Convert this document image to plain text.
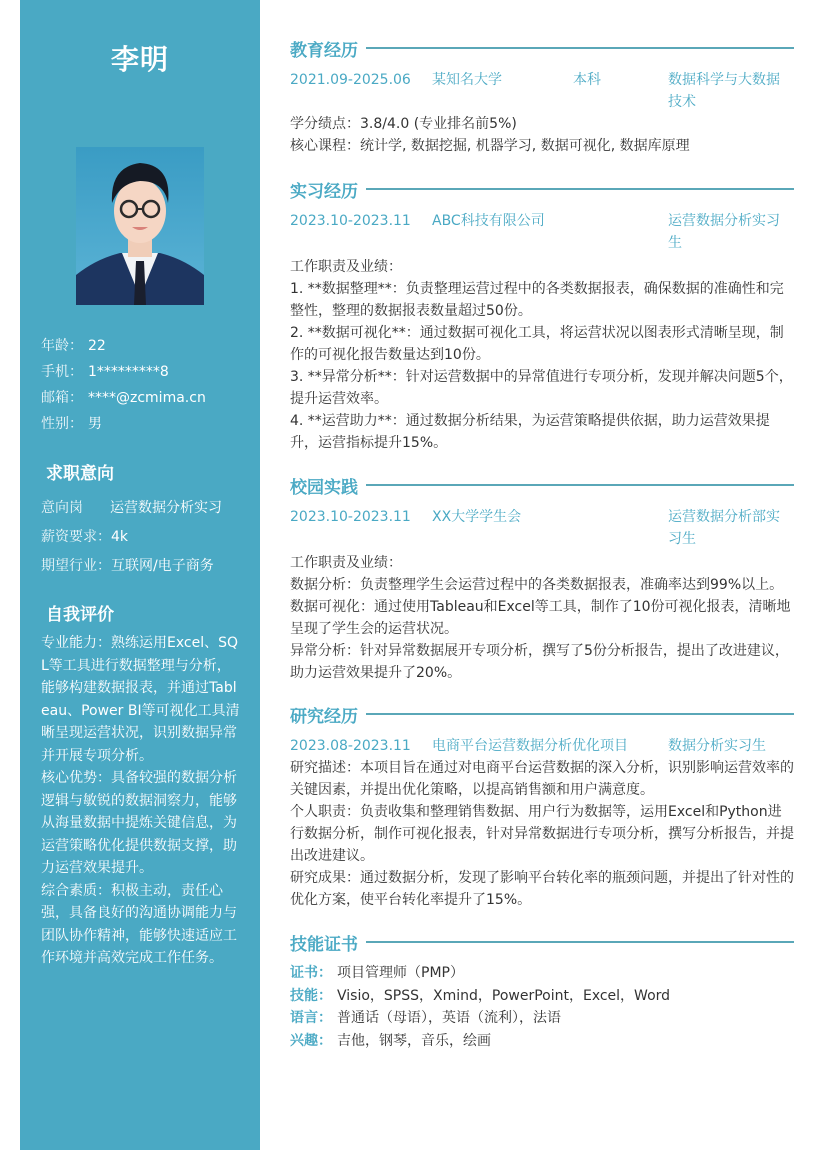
李明
年龄： 22
手机： 1*********8
邮箱： ****@zcmima.cn
性别： 男
求职意向
意向岗 运营数据分析实习
薪资要求：4k
期望行业：互联网/电子商务
自我评价
专业能力：熟练运用Excel、SQL等工具进行数据整理与分析，能够构建数据报表，并通过Tableau、Power BI等可视化工具清晰呈现运营状况，识别数据异常并开展专项分析。
核心优势：具备较强的数据分析逻辑与敏锐的数据洞察力，能够从海量数据中提炼关键信息，为运营策略优化提供数据支撑，助力运营效果提升。
综合素质：积极主动，责任心强，具备良好的沟通协调能力与团队协作精神，能够快速适应工作环境并高效完成工作任务。
教育经历
2021.09-2025.06 某知名大学	本科	数据科学与大数据技术
学分绩点：3.8/4.0 (专业排名前5%)
核心课程：统计学, 数据挖掘, 机器学习, 数据可视化, 数据库原理
实习经历
2023.10-2023.11 ABC科技有限公司	运营数据分析实习生
工作职责及业绩：
1. **数据整理**：负责整理运营过程中的各类数据报表，确保数据的准确性和完整性，整理的数据报表数量超过50份。
2. **数据可视化**：通过数据可视化工具，将运营状况以图表形式清晰呈现，制作的可视化报告数量达到10份。
3. **异常分析**：针对运营数据中的异常值进行专项分析，发现并解决问题5个，提升运营效率。
4. **运营助力**：通过数据分析结果，为运营策略提供依据，助力运营效果提升，运营指标提升15%。
校园实践
2023.10-2023.11 XX大学学生会	运营数据分析部实习生
工作职责及业绩：
数据分析：负责整理学生会运营过程中的各类数据报表，准确率达到99%以上。
数据可视化：通过使用Tableau和Excel等工具，制作了10份可视化报表，清晰地呈现了学生会的运营状况。
异常分析：针对异常数据展开专项分析，撰写了5份分析报告，提出了改进建议，助力运营效果提升了20%。
研究经历
2023.08-2023.11 电商平台运营数据分析优化项目	数据分析实习生
研究描述：本项目旨在通过对电商平台运营数据的深入分析，识别影响运营效率的关键因素，并提出优化策略，以提高销售额和用户满意度。
个人职责：负责收集和整理销售数据、用户行为数据等，运用Excel和Python进行数据分析，制作可视化报表，针对异常数据进行专项分析，撰写分析报告，并提出改进建议。
研究成果：通过数据分析，发现了影响平台转化率的瓶颈问题，并提出了针对性的优化方案，使平台转化率提升了15%。
技能证书
证书： 项目管理师（PMP）
技能： Visio，SPSS，Xmind，PowerPoint，Excel，Word
语言： 普通话（母语），英语（流利），法语
兴趣： 吉他，钢琴，音乐，绘画
